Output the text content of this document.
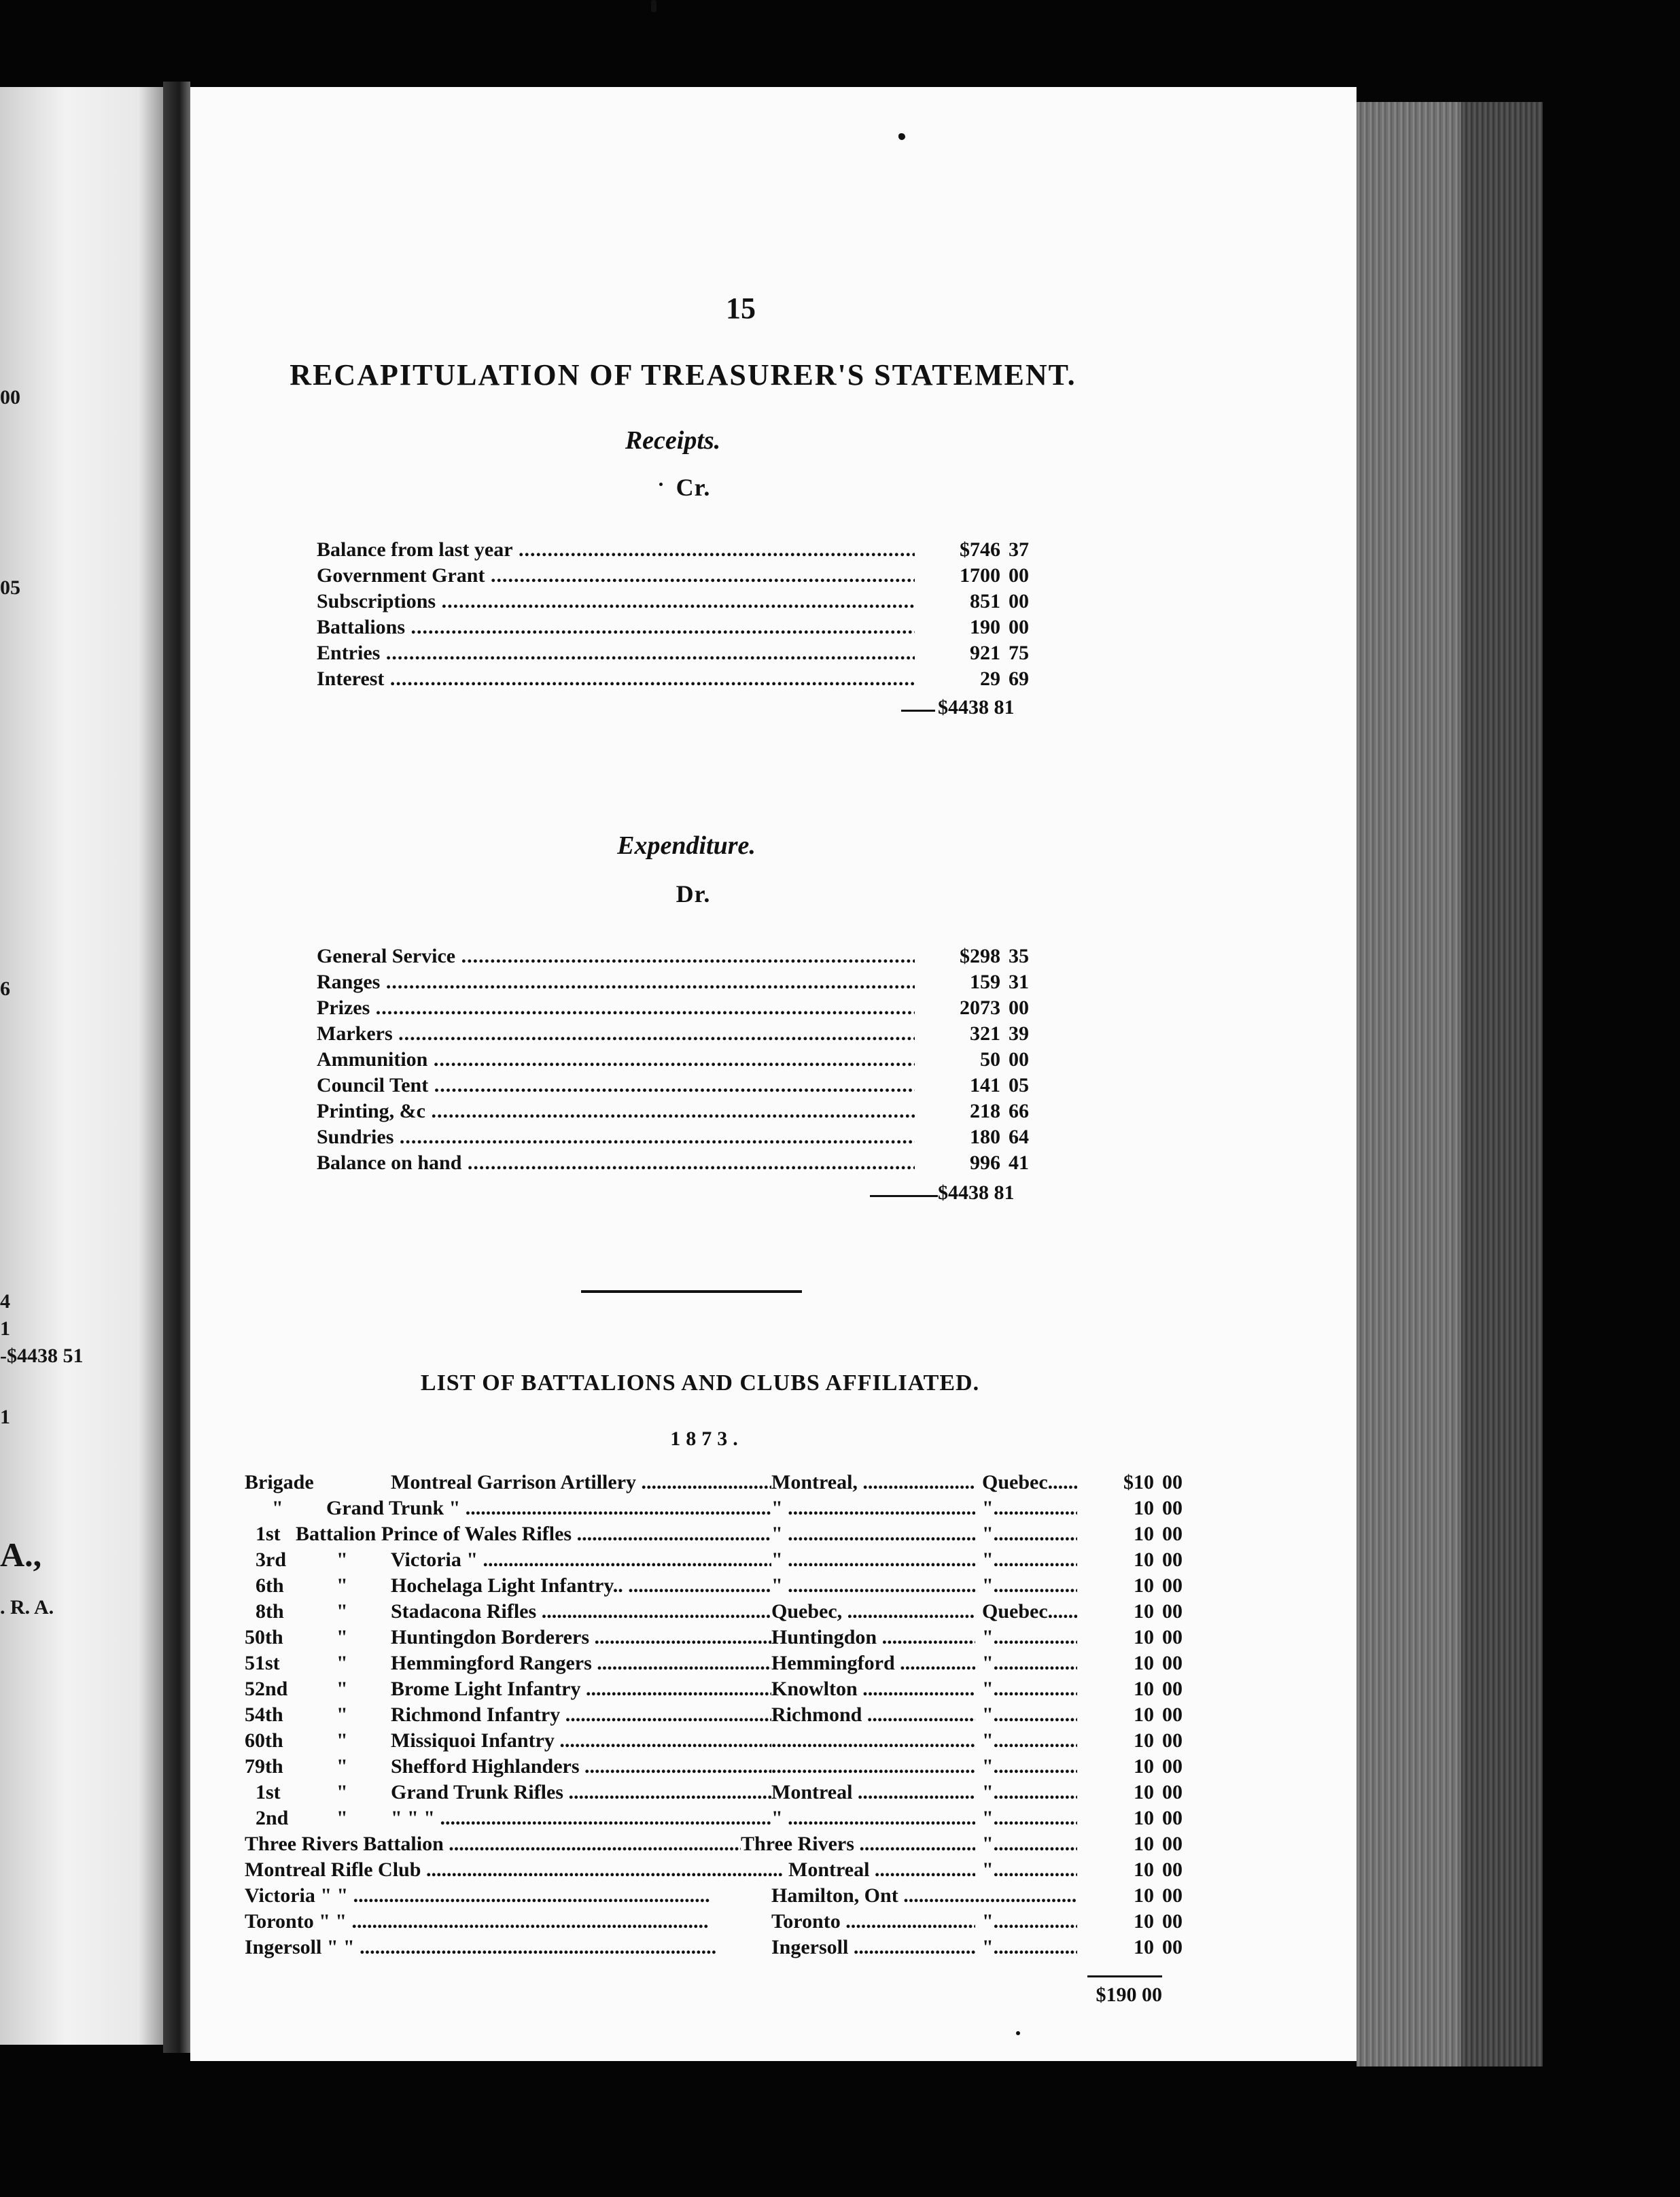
00
05
6
4
1
-$4438 51
1
A.,
. R. A.
15
RECAPITULATION OF TREASURER'S STATEMENT.
Receipts.
Cr.
Balance from last year .....	$746 37
Government Grant .....	1700 00
Subscriptions .....	851 00
Battalions .....	190 00
Entries .....	921 75
Interest .....	29 69
$4438 81
Expenditure.
Dr.
General Service .....	$298 35
Ranges .....	159 31
Prizes .....	2073 00
Markers .....	321 39
Ammunition .....	50 00
Council Tent .....	141 05
Printing, &c .....	218 66
Sundries .....	180 64
Balance on hand .....	996 41
$4438 81
LIST OF BATTALIONS AND CLUBS AFFILIATED.
1873.
Brigade	Montreal Garrison Artillery .....	Montreal, .....	Quebec .....	$10 00
"	Grand Trunk " .....	" .....	" .....	10 00
1st Battalion Prince of Wales Rifles .....	" .....	" .....	10 00
3rd	"	Victoria " .....	" .....	" .....	10 00
6th	"	Hochelaga Light Infantry.. .....	" .....	" .....	10 00
8th	"	Stadacona Rifles .....	Quebec, .....	Quebec .....	10 00
50th	"	Huntingdon Borderers .....	Huntingdon .....	" .....	10 00
51st	"	Hemmingford Rangers .....	Hemmingford .....	" .....	10 00
52nd	"	Brome Light Infantry .....	Knowlton .....	" .....	10 00
54th	"	Richmond Infantry .....	Richmond .....	" .....	10 00
60th	"	Missiquoi Infantry ..... .....	" .....	10 00
79th	"	Shefford Highlanders ..... .....	" .....	10 00
1st	"	Grand Trunk Rifles .....	Montreal .....	" .....	10 00
2nd	"	" " " .....	" .....	" .....	10 00
Three Rivers Battalion .....	Three Rivers .....	" .....	10 00
Montreal Rifle Club .....	Montreal .....	" .....	10 00
Victoria " " .....	Hamilton, Ont .....	10 00
Toronto " " .....	Toronto .....	" .....	10 00
Ingersoll " " .....	Ingersoll .....	" .....	10 00
$190 00
